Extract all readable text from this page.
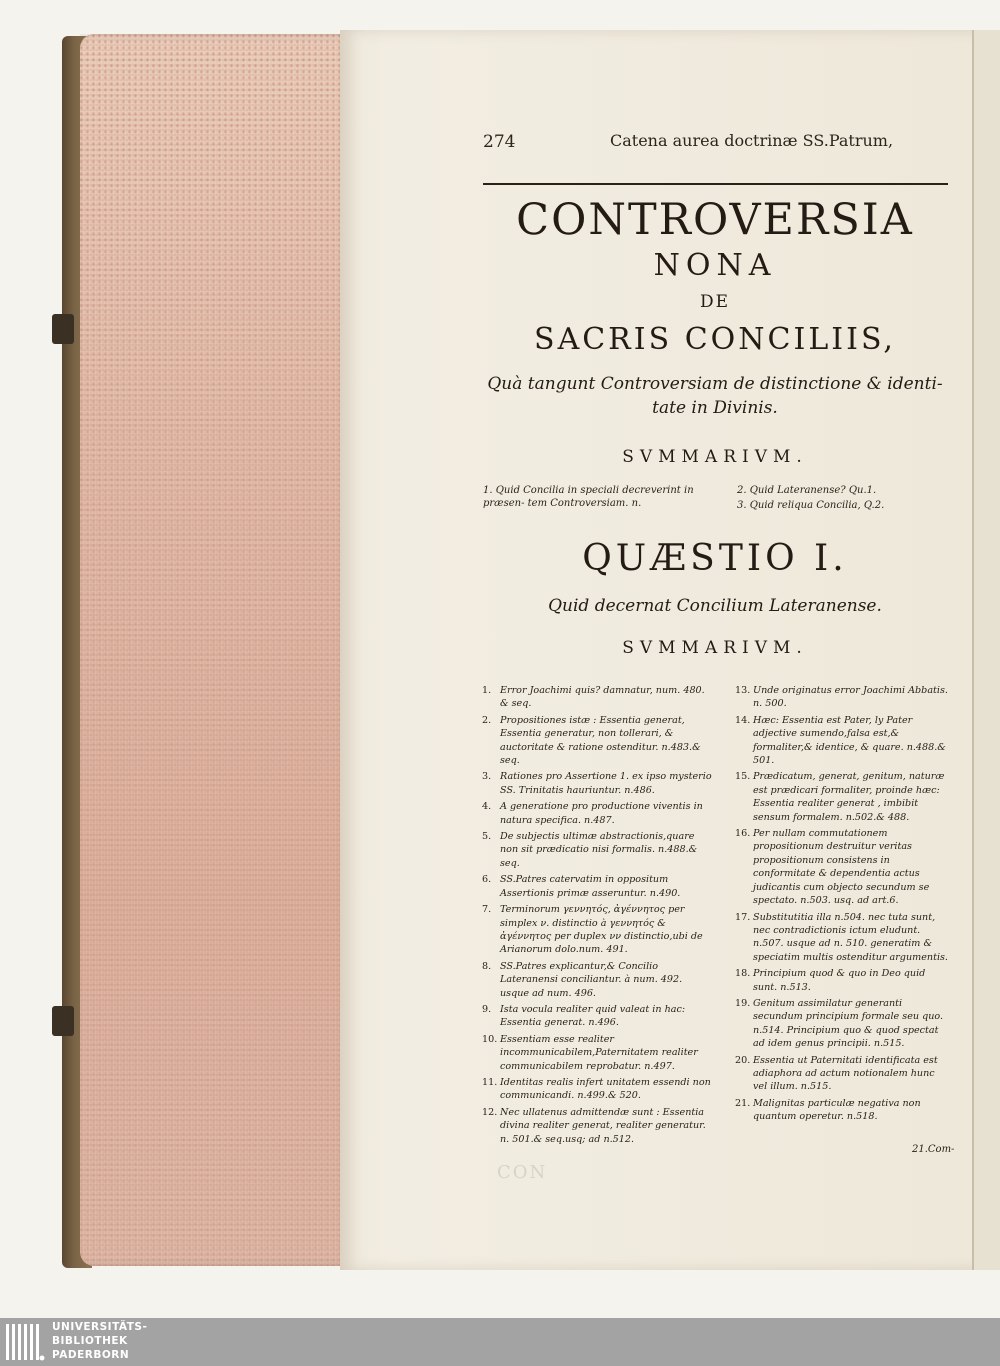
274	Catena aurea doctrinæ SS.Patrum,
CONTROVERSIA
NONA
DE
SACRIS CONCILIIS,
Quà tangunt Controversiam de distinctione & identi-
tate in Divinis.
SVMMARIVM.
1. Quid Concilia in speciali decreverint in præsen- tem Controversiam. n.
2. Quid Lateranense? Qu.1.
3. Quid reliqua Concilia, Q.2.
QUÆSTIO I.
Quid decernat Concilium Lateranense.
SVMMARIVM.
1. Error Joachimi quis? damnatur, num. 480. & seq.
2. Propositiones istæ : Essentia generat, Essentia generatur, non tollerari, & auctoritate & ratione ostenditur. n.483.& seq.
3. Rationes pro Assertione 1. ex ipso mysterio SS. Trinitatis hauriuntur. n.486.
4. A generatione pro productione viventis in natura specifica. n.487.
5. De subjectis ultimæ abstractionis,quare non sit prædicatio nisi formalis. n.488.& seq.
6. SS.Patres catervatim in oppositum Assertionis primæ asseruntur. n.490.
7. Terminorum γεννητός, ἀγέννητος per simplex ν. distinctio à γεννητός & ἀγέννητος per duplex νν distinctio,ubi de Arianorum dolo.num. 491.
8. SS.Patres explicantur,& Concilio Lateranensi conciliantur. à num. 492. usque ad num. 496.
9. Ista vocula realiter quid valeat in hac: Essentia generat. n.496.
10. Essentiam esse realiter incommunicabilem,Paternitatem realiter communicabilem reprobatur. n.497.
11. Identitas realis infert unitatem essendi non communicandi. n.499.& 520.
12. Nec ullatenus admittendæ sunt : Essentia divina realiter generat, realiter generatur. n. 501.& seq.usq; ad n.512.
13. Unde originatus error Joachimi Abbatis. n. 500.
14. Hæc: Essentia est Pater, ly Pater adjective sumendo,falsa est,& formaliter,& identice, & quare. n.488.& 501.
15. Prædicatum, generat, genitum, naturæ est prædicari formaliter, proinde hæc: Essentia realiter generat , imbibit sensum formalem. n.502.& 488.
16. Per nullam commutationem propositionum destruitur veritas propositionum consistens in conformitate & dependentia actus judicantis cum objecto secundum se spectato. n.503. usq. ad art.6.
17. Substitutitia illa n.504. nec tuta sunt, nec contradictionis ictum eludunt. n.507. usque ad n. 510. generatim & speciatim multis ostenditur argumentis.
18. Principium quod & quo in Deo quid sunt. n.513.
19. Genitum assimilatur generanti secundum principium formale seu quo. n.514. Principium quo & quod spectat ad idem genus principii. n.515.
20. Essentia ut Paternitati identificata est adiaphora ad actum notionalem hunc vel illum. n.515.
21. Malignitas particulæ negativa non quantum operetur. n.518.
21.Com-
CON
UNIVERSITÄTS-
BIBLIOTHEK
PADERBORN
